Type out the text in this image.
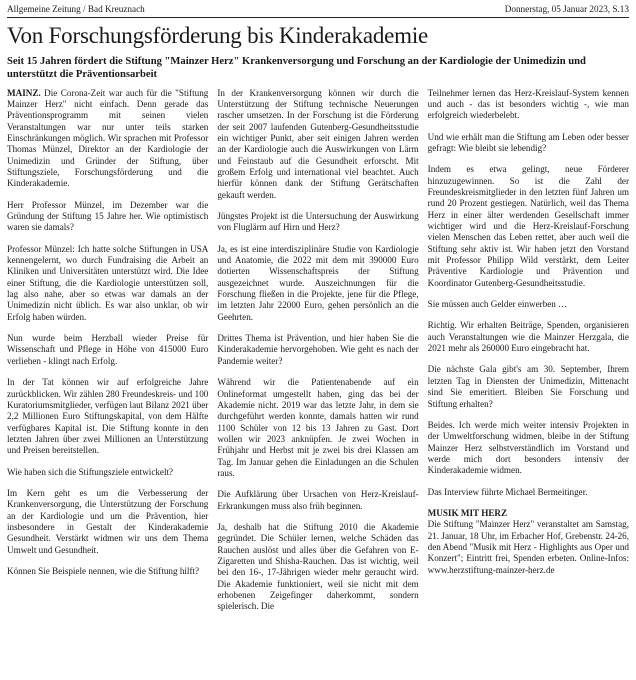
Allgemeine Zeitung / Bad Kreuznach	Donnerstag, 05 Januar 2023, S.13
Von Forschungsförderung bis Kinderakademie

Seit 15 Jahren fördert die Stiftung "Mainzer Herz" Krankenversorgung und Forschung an der Kardiologie der Unimedizin und unterstützt die Präventionsarbeit

MAINZ. Die Corona-Zeit war auch für die "Stiftung Mainzer Herz" nicht einfach. Denn gerade das Präventionsprogramm mit seinen vielen Veranstaltungen war nur unter teils starken Einschränkungen möglich. Wir sprachen mit Professor Thomas Münzel, Direktor an der Kardiologie der Unimedizin und Gründer der Stiftung, über Stiftungsziele, Forschungsförderung und die Kinderakademie.

Herr Professor Münzel, im Dezember war die Gründung der Stiftung 15 Jahre her. Wie optimistisch waren sie damals?

Professor Münzel: Ich hatte solche Stiftungen in USA kennengelernt, wo durch Fundraising die Arbeit an Kliniken und Universitäten unterstützt wird. Die Idee einer Stiftung, die die Kardiologie unterstützen soll, lag also nahe, aber so etwas war damals an der Unimedizin nicht üblich. Es war also unklar, ob wir Erfolg haben würden.

Nun wurde beim Herzball wieder Preise für Wissenschaft und Pflege in Höhe von 415000 Euro verliehen - klingt nach Erfolg.

In der Tat können wir auf erfolgreiche Jahre zurückblicken. Wir zählen 280 Freundeskreis- und 100 Kuratoriumsmitglieder, verfügen laut Bilanz 2021 über 2,2 Millionen Euro Stiftungskapital, von dem Hälfte verfügbares Kapital ist. Die Stiftung konnte in den letzten Jahren über zwei Millionen an Unterstützung und Preisen bereitstellen.

Wie haben sich die Stiftungsziele entwickelt?

Im Kern geht es um die Verbesserung der Krankenversorgung, die Unterstützung der Forschung an der Kardiologie und um die Prävention, hier insbesondere in Gestalt der Kinderakademie Gesundheit. Verstärkt widmen wir uns dem Thema Umwelt und Gesundheit.

Können Sie Beispiele nennen, wie die Stiftung hilft?

In der Krankenversorgung können wir durch die Unterstützung der Stiftung technische Neuerungen rascher umsetzen. In der Forschung ist die Förderung der seit 2007 laufenden Gutenberg-Gesundheitsstudie ein wichtiger Punkt, aber seit einigen Jahren werden an der Kardiologie auch die Auswirkungen von Lärm und Feinstaub auf die Gesundheit erforscht. Mit großem Erfolg und international viel beachtet. Auch hierfür können dank der Stiftung Gerätschaften gekauft werden.

Jüngstes Projekt ist die Untersuchung der Auswirkung von Fluglärm auf Hirn und Herz?

Ja, es ist eine interdisziplinäre Studie von Kardiologie und Anatomie, die 2022 mit dem mit 390000 Euro dotierten Wissenschaftspreis der Stiftung ausgezeichnet wurde. Auszeichnungen für die Forschung fließen in die Projekte, jene für die Pflege, im letzten Jahr 22000 Euro, gehen persönlich an die Geehrten.

Drittes Thema ist Prävention, und hier haben Sie die Kinderakademie hervorgehoben. Wie geht es nach der Pandemie weiter?

Während wir die Patientenabende auf ein Onlineformat umgestellt haben, ging das bei der Akademie nicht. 2019 war das letzte Jahr, in dem sie durchgeführt werden konnte, damals hatten wir rund 1100 Schüler von 12 bis 13 Jahren zu Gast. Dort wollen wir 2023 anknüpfen. Je zwei Wochen in Frühjahr und Herbst mit je zwei bis drei Klassen am Tag. Im Januar gehen die Einladungen an die Schulen raus.

Die Aufklärung über Ursachen von Herz-Kreislauf-Erkrankungen muss also früh beginnen.

Ja, deshalb hat die Stiftung 2010 die Akademie gegründet. Die Schüler lernen, welche Schäden das Rauchen auslöst und alles über die Gefahren von E-Zigaretten und Shisha-Rauchen. Das ist wichtig, weil bei den 16-, 17-Jährigen wieder mehr geraucht wird. Die Akademie funktioniert, weil sie nicht mit dem erhobenen Zeigefinger daherkommt, sondern spielerisch. Die

Teilnehmer lernen das Herz-Kreislauf-System kennen und auch - das ist besonders wichtig -, wie man erfolgreich wiederbelebt.

Und wie erhält man die Stiftung am Leben oder besser gefragt: Wie bleibt sie lebendig?

Indem es etwa gelingt, neue Förderer hinzuzugewinnen. So ist die Zahl der Freundeskreismitglieder in den letzten fünf Jahren um rund 20 Prozent gestiegen. Natürlich, weil das Thema Herz in einer älter werdenden Gesellschaft immer wichtiger wird und die Herz-Kreislauf-Forschung vielen Menschen das Leben rettet, aber auch weil die Stiftung sehr aktiv ist. Wir haben jetzt den Vorstand mit Professor Philipp Wild verstärkt, dem Leiter Präventive Kardiologie und Prävention und Koordinator Gutenberg-Gesundheitsstudie.

Sie müssen auch Gelder einwerben …

Richtig. Wir erhalten Beiträge, Spenden, organisieren auch Veranstaltungen wie die Mainzer Herzgala, die 2021 mehr als 260000 Euro eingebracht hat.

Die nächste Gala gibt's am 30. September, Ihrem letzten Tag in Diensten der Unimedizin, Mittenacht sind Sie emeritiert. Bleiben Sie Forschung und Stiftung erhalten?

Beides. Ich werde mich weiter intensiv Projekten in der Umweltforschung widmen, bleibe in der Stiftung Mainzer Herz selbstverständlich im Vorstand und werde mich dort besonders intensiv der Kinderakademie widmen.

Das Interview führte Michael Bermeitinger.

MUSIK MIT HERZ
Die Stiftung "Mainzer Herz" veranstaltet am Samstag, 21. Januar, 18 Uhr, im Erbacher Hof, Grebenstr. 24-26, den Abend "Musik mit Herz - Highlights aus Oper und Konzert"; Eintritt frei, Spenden erbeten. Online-Infos: www.herzstiftung-mainzer-herz.de
